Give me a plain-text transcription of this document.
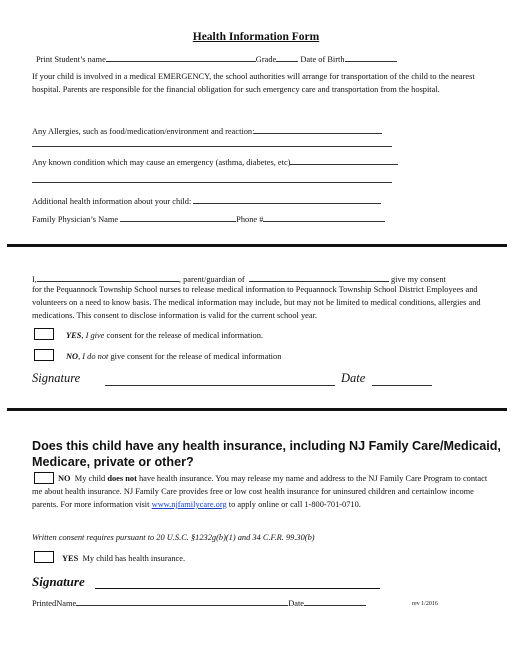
Health Information Form
Print Student’s name	Grade	Date of Birth
If your child is involved in a medical EMERGENCY, the school authorities will arrange for transportation of the child to the nearest hospital. Parents are responsible for the financial obligation for such emergency care and transportation from the hospital.
Any Allergies, such as food/medication/environment and reaction:
Any known condition which may cause an emergency (asthma, diabetes, etc)
Additional health information about your child:
Family Physician’s Name	Phone #
I,	, parent/guardian of	give my consent
for the Pequannock Township School nurses to release medical information to Pequannock Township School District Employees and volunteers on a need to know basis. The medical information may include, but may not be limited to medical conditions, allergies and medications. This consent to disclose information is valid for the current school year.
YES, I give consent for the release of medical information.
NO, I do not give consent for the release of medical information
Signature	Date
Does this child have any health insurance, including NJ Family Care/Medicaid, Medicare, private or other?
NO My child does not have health insurance. You may release my name and address to the NJ Family Care Program to contact me about health insurance. NJ Family Care provides free or low cost health insurance for uninsured children and certainlow income parents. For more information visit www.njfamilycare.org to apply online or call 1-800-701-0710.
Written consent requires pursuant to 20 U.S.C. §1232g(b)(1) and 34 C.F.R. 99.30(b)
YES My child has health insurance.
Signature
PrintedName	Date	rev 1/2016
